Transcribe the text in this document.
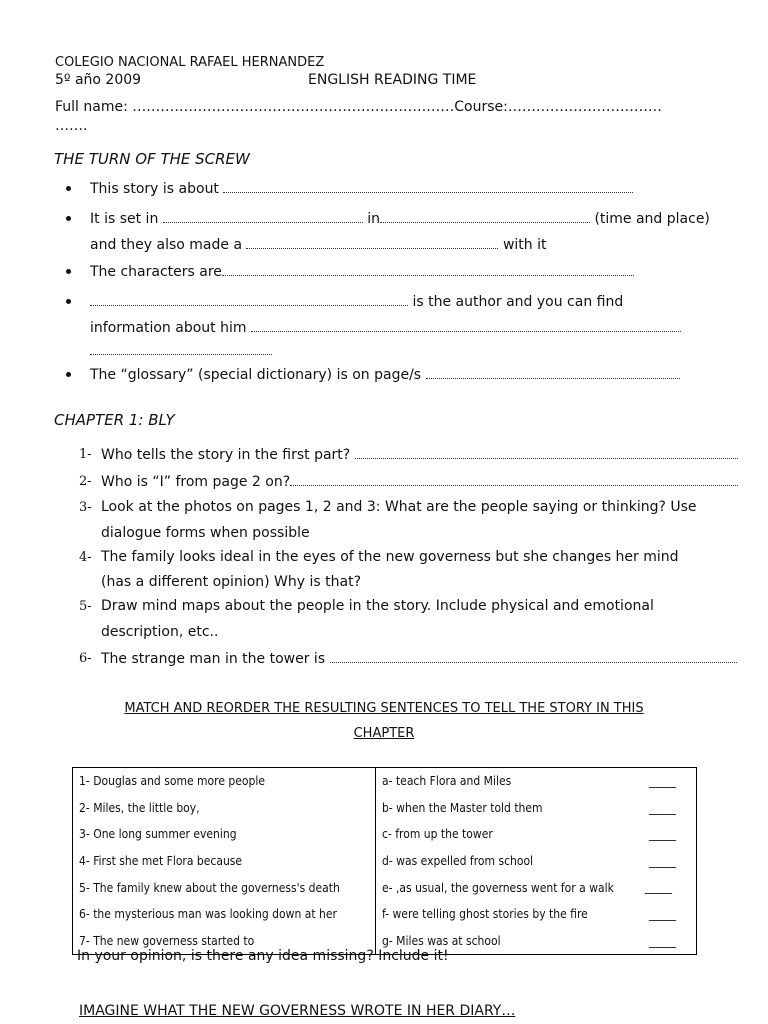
COLEGIO NACIONAL RAFAEL HERNANDEZ
5º año 2009	ENGLISH READING TIME
Full name: ……………………………………………………………Course:……………………………
…….
THE TURN OF THE SCREW
This story is about
It is set in	in	(time and place)
and they also made a	with it
The characters are
is the author and you can find
information about him
The “glossary” (special dictionary) is on page/s
CHAPTER 1: BLY
1- Who tells the story in the first part?
2- Who is “I” from page 2 on?
3- Look at the photos on pages 1, 2 and 3: What are the people saying or thinking? Use
dialogue forms when possible
4- The family looks ideal in the eyes of the new governess but she changes her mind
(has a different opinion) Why is that?
5- Draw mind maps about the people in the story. Include physical and emotional
description, etc..
6- The strange man in the tower is
MATCH AND REORDER THE RESULTING SENTENCES TO TELL THE STORY IN THIS
CHAPTER
1- Douglas and some more people	a- teach Flora and Miles _____

2- Miles, the little boy,	b- when the Master told them _____

3- One long summer evening	c- from up the tower _____

4- First she met Flora because	d- was expelled from school _____

5- The family knew about the governess's death	e- ,as usual, the governess went for a walk _____

6- the mysterious man was looking down at her	f- were telling ghost stories by the fire _____

7- The new governess started to	g- Miles was at school _____
In your opinion, is there any idea missing? Include it!
IMAGINE WHAT THE NEW GOVERNESS WROTE IN HER DIARY…
